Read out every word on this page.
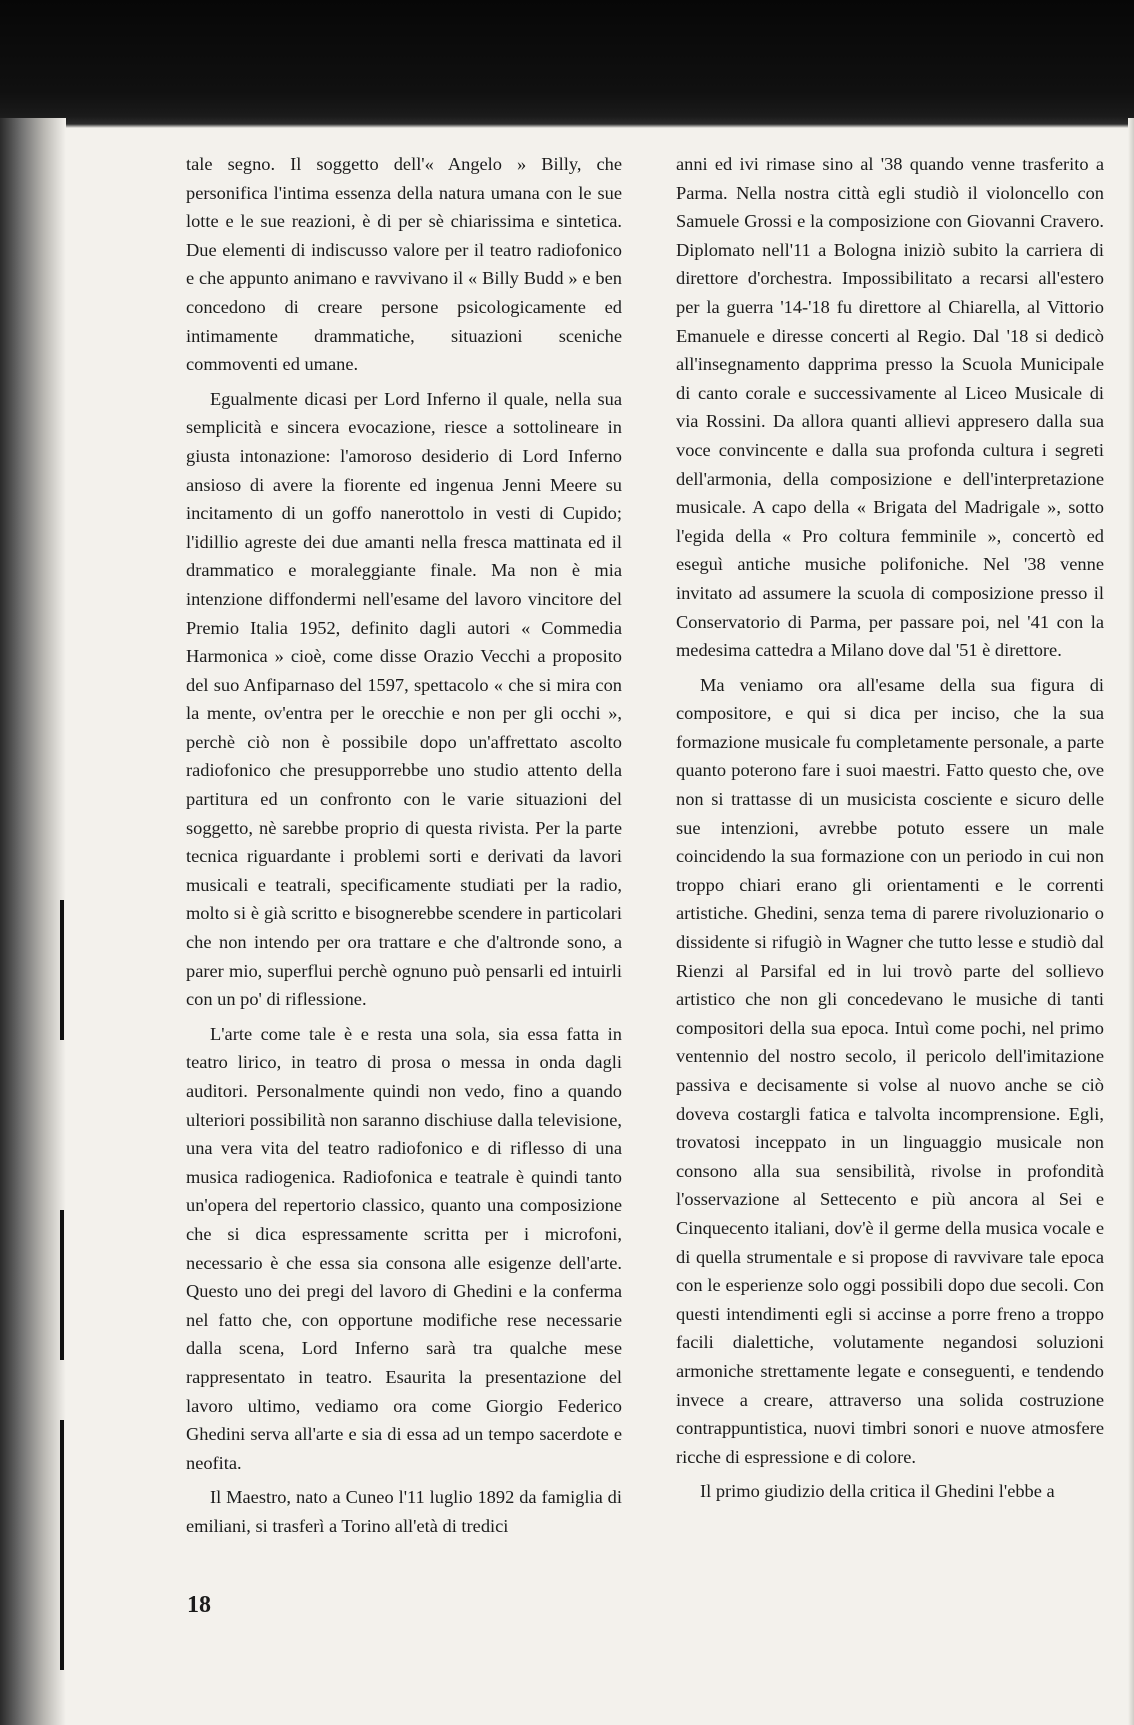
tale segno. Il soggetto dell'« Angelo » Billy, che personifica l'intima essenza della natura umana con le sue lotte e le sue reazioni, è di per sè chiarissima e sintetica. Due elementi di indiscusso valore per il teatro radiofonico e che appunto animano e ravvivano il « Billy Budd » e ben concedono di creare persone psicologicamente ed intimamente drammatiche, situazioni sceniche commoventi ed umane.

Egualmente dicasi per Lord Inferno il quale, nella sua semplicità e sincera evocazione, riesce a sottolineare in giusta intonazione: l'amoroso desiderio di Lord Inferno ansioso di avere la fiorente ed ingenua Jenni Meere su incitamento di un goffo nanerottolo in vesti di Cupido; l'idillio agreste dei due amanti nella fresca mattinata ed il drammatico e moraleggiante finale. Ma non è mia intenzione diffondermi nell'esame del lavoro vincitore del Premio Italia 1952, definito dagli autori « Commedia Harmonica » cioè, come disse Orazio Vecchi a proposito del suo Anfiparnaso del 1597, spettacolo « che si mira con la mente, ov'entra per le orecchie e non per gli occhi », perchè ciò non è possibile dopo un'affrettato ascolto radiofonico che presupporrebbe uno studio attento della partitura ed un confronto con le varie situazioni del soggetto, nè sarebbe proprio di questa rivista. Per la parte tecnica riguardante i problemi sorti e derivati da lavori musicali e teatrali, specificamente studiati per la radio, molto si è già scritto e bisognerebbe scendere in particolari che non intendo per ora trattare e che d'altronde sono, a parer mio, superflui perchè ognuno può pensarli ed intuirli con un po' di riflessione.

L'arte come tale è e resta una sola, sia essa fatta in teatro lirico, in teatro di prosa o messa in onda dagli auditori. Personalmente quindi non vedo, fino a quando ulteriori possibilità non saranno dischiuse dalla televisione, una vera vita del teatro radiofonico e di riflesso di una musica radiogenica. Radiofonica e teatrale è quindi tanto un'opera del repertorio classico, quanto una composizione che si dica espressamente scritta per i microfoni, necessario è che essa sia consona alle esigenze dell'arte. Questo uno dei pregi del lavoro di Ghedini e la conferma nel fatto che, con opportune modifiche rese necessarie dalla scena, Lord Inferno sarà tra qualche mese rappresentato in teatro. Esaurita la presentazione del lavoro ultimo, vediamo ora come Giorgio Federico Ghedini serva all'arte e sia di essa ad un tempo sacerdote e neofita.

Il Maestro, nato a Cuneo l'11 luglio 1892 da famiglia di emiliani, si trasferì a Torino all'età di tredici

anni ed ivi rimase sino al '38 quando venne trasferito a Parma. Nella nostra città egli studiò il violoncello con Samuele Grossi e la composizione con Giovanni Cravero. Diplomato nell'11 a Bologna iniziò subito la carriera di direttore d'orchestra. Impossibilitato a recarsi all'estero per la guerra '14-'18 fu direttore al Chiarella, al Vittorio Emanuele e diresse concerti al Regio. Dal '18 si dedicò all'insegnamento dapprima presso la Scuola Municipale di canto corale e successivamente al Liceo Musicale di via Rossini. Da allora quanti allievi appresero dalla sua voce convincente e dalla sua profonda cultura i segreti dell'armonia, della composizione e dell'interpretazione musicale. A capo della « Brigata del Madrigale », sotto l'egida della « Pro coltura femminile », concertò ed eseguì antiche musiche polifoniche. Nel '38 venne invitato ad assumere la scuola di composizione presso il Conservatorio di Parma, per passare poi, nel '41 con la medesima cattedra a Milano dove dal '51 è direttore.

Ma veniamo ora all'esame della sua figura di compositore, e qui si dica per inciso, che la sua formazione musicale fu completamente personale, a parte quanto poterono fare i suoi maestri. Fatto questo che, ove non si trattasse di un musicista cosciente e sicuro delle sue intenzioni, avrebbe potuto essere un male coincidendo la sua formazione con un periodo in cui non troppo chiari erano gli orientamenti e le correnti artistiche. Ghedini, senza tema di parere rivoluzionario o dissidente si rifugiò in Wagner che tutto lesse e studiò dal Rienzi al Parsifal ed in lui trovò parte del sollievo artistico che non gli concedevano le musiche di tanti compositori della sua epoca. Intuì come pochi, nel primo ventennio del nostro secolo, il pericolo dell'imitazione passiva e decisamente si volse al nuovo anche se ciò doveva costargli fatica e talvolta incomprensione. Egli, trovatosi inceppato in un linguaggio musicale non consono alla sua sensibilità, rivolse in profondità l'osservazione al Settecento e più ancora al Sei e Cinquecento italiani, dov'è il germe della musica vocale e di quella strumentale e si propose di ravvivare tale epoca con le esperienze solo oggi possibili dopo due secoli. Con questi intendimenti egli si accinse a porre freno a troppo facili dialettiche, volutamente negandosi soluzioni armoniche strettamente legate e conseguenti, e tendendo invece a creare, attraverso una solida costruzione contrappuntistica, nuovi timbri sonori e nuove atmosfere ricche di espressione e di colore.

Il primo giudizio della critica il Ghedini l'ebbe a

18
